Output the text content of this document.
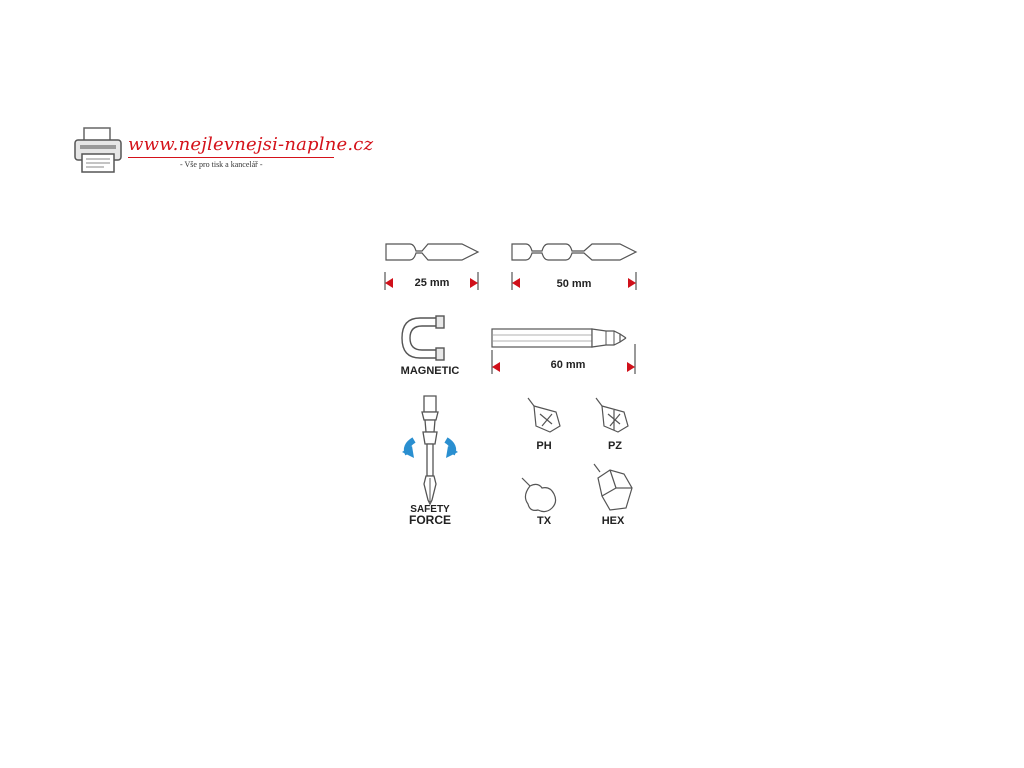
www.nejlevnejsi-naplne.cz
- Vše pro tisk a kancelář -
25 mm	50 mm
MAGNETIC	60 mm
SAFETY
FORCE
PH	PZ
TX	HEX
